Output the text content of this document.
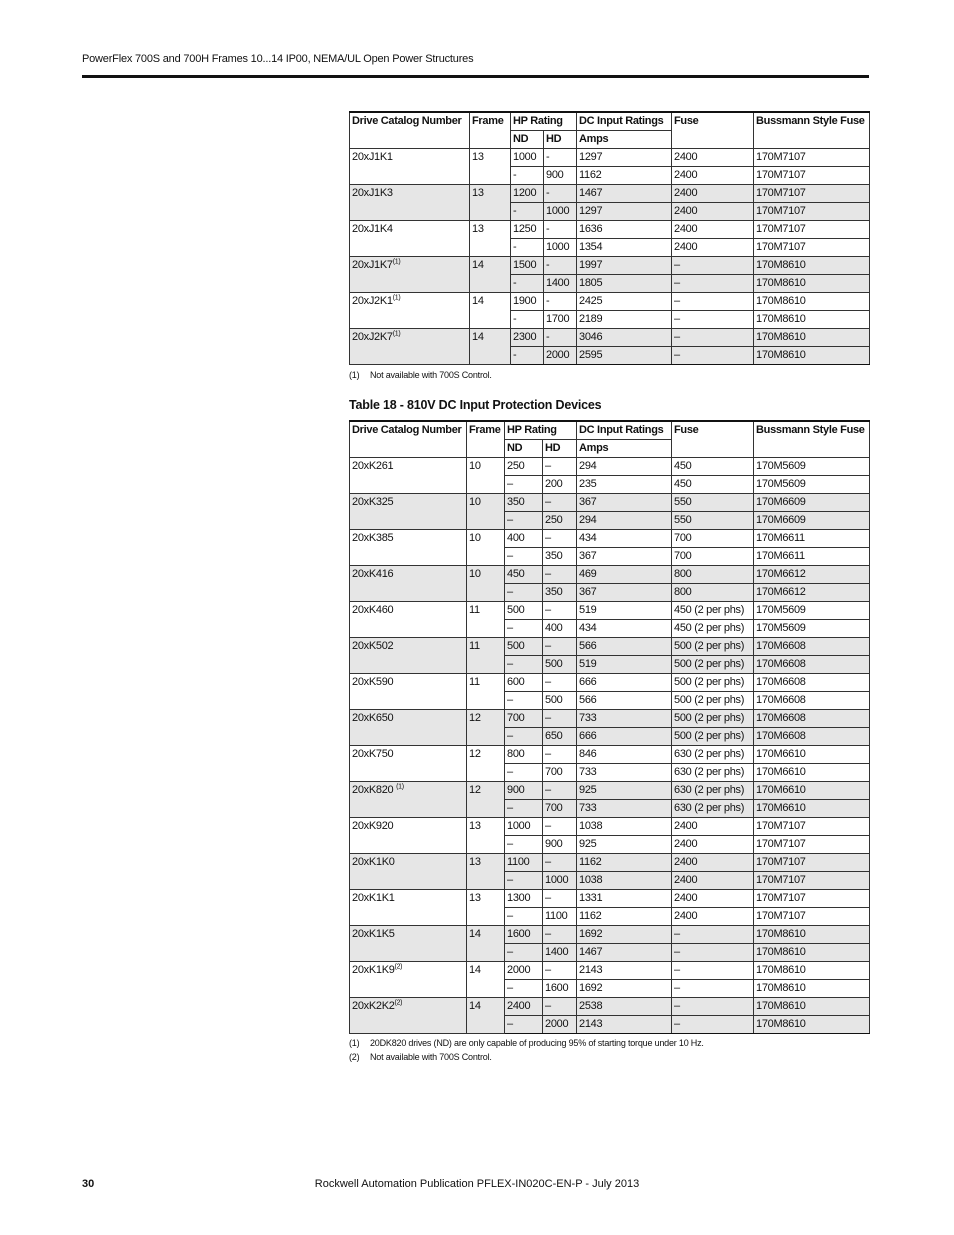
PowerFlex 700S and 700H Frames 10...14 IP00, NEMA/UL Open Power Structures
Drive Catalog Number	Frame	HP Rating		DC Input Ratings	Fuse	Bussmann Style Fuse
		ND	HD	Amps		
20xJ1K1	13	1000	-	1297	2400	170M7107
		-	900	1162	2400	170M7107
20xJ1K3	13	1200	-	1467	2400	170M7107
		-	1000	1297	2400	170M7107
20xJ1K4	13	1250	-	1636	2400	170M7107
		-	1000	1354	2400	170M7107
20xJ1K7$^{(1)}$	14	1500	-	1997	–	170M8610
		-	1400	1805	–	170M8610
20xJ2K1$^{(1)}$	14	1900	-	2425	–	170M8610
		-	1700	2189	–	170M8610
20xJ2K7$^{(1)}$	14	2300	-	3046	–	170M8610
		-	2000	2595	–	170M8610
(1) Not available with 700S Control.
Table 18 - 810V DC Input Protection Devices
Drive Catalog Number	Frame	HP Rating		DC Input Ratings	Fuse	Bussmann Style Fuse
		ND	HD	Amps		
20xK261	10	250	–	294	450	170M5609
		–	200	235	450	170M5609
20xK325	10	350	–	367	550	170M6609
		–	250	294	550	170M6609
20xK385	10	400	–	434	700	170M6611
		–	350	367	700	170M6611
20xK416	10	450	–	469	800	170M6612
		–	350	367	800	170M6612
20xK460	11	500	–	519	450 (2 per phs)	170M5609
		–	400	434	450 (2 per phs)	170M5609
20xK502	11	500	–	566	500 (2 per phs)	170M6608
		–	500	519	500 (2 per phs)	170M6608
20xK590	11	600	–	666	500 (2 per phs)	170M6608
		–	500	566	500 (2 per phs)	170M6608
20xK650	12	700	–	733	500 (2 per phs)	170M6608
		–	650	666	500 (2 per phs)	170M6608
20xK750	12	800	–	846	630 (2 per phs)	170M6610
		–	700	733	630 (2 per phs)	170M6610
20xK820 $^{(1)}$	12	900	–	925	630 (2 per phs)	170M6610
		–	700	733	630 (2 per phs)	170M6610
20xK920	13	1000	–	1038	2400	170M7107
		–	900	925	2400	170M7107
20xK1K0	13	1100	–	1162	2400	170M7107
		–	1000	1038	2400	170M7107
20xK1K1	13	1300	–	1331	2400	170M7107
		–	1100	1162	2400	170M7107
20xK1K5	14	1600	–	1692	–	170M8610
		–	1400	1467	–	170M8610
20xK1K9$^{(2)}$	14	2000	–	2143	–	170M8610
		–	1600	1692	–	170M8610
20xK2K2$^{(2)}$	14	2400	–	2538	–	170M8610
		–	2000	2143	–	170M8610
(1) 20DK820 drives (ND) are only capable of producing 95% of starting torque under 10 Hz.
(2) Not available with 700S Control.
30	Rockwell Automation Publication PFLEX-IN020C-EN-P - July 2013
